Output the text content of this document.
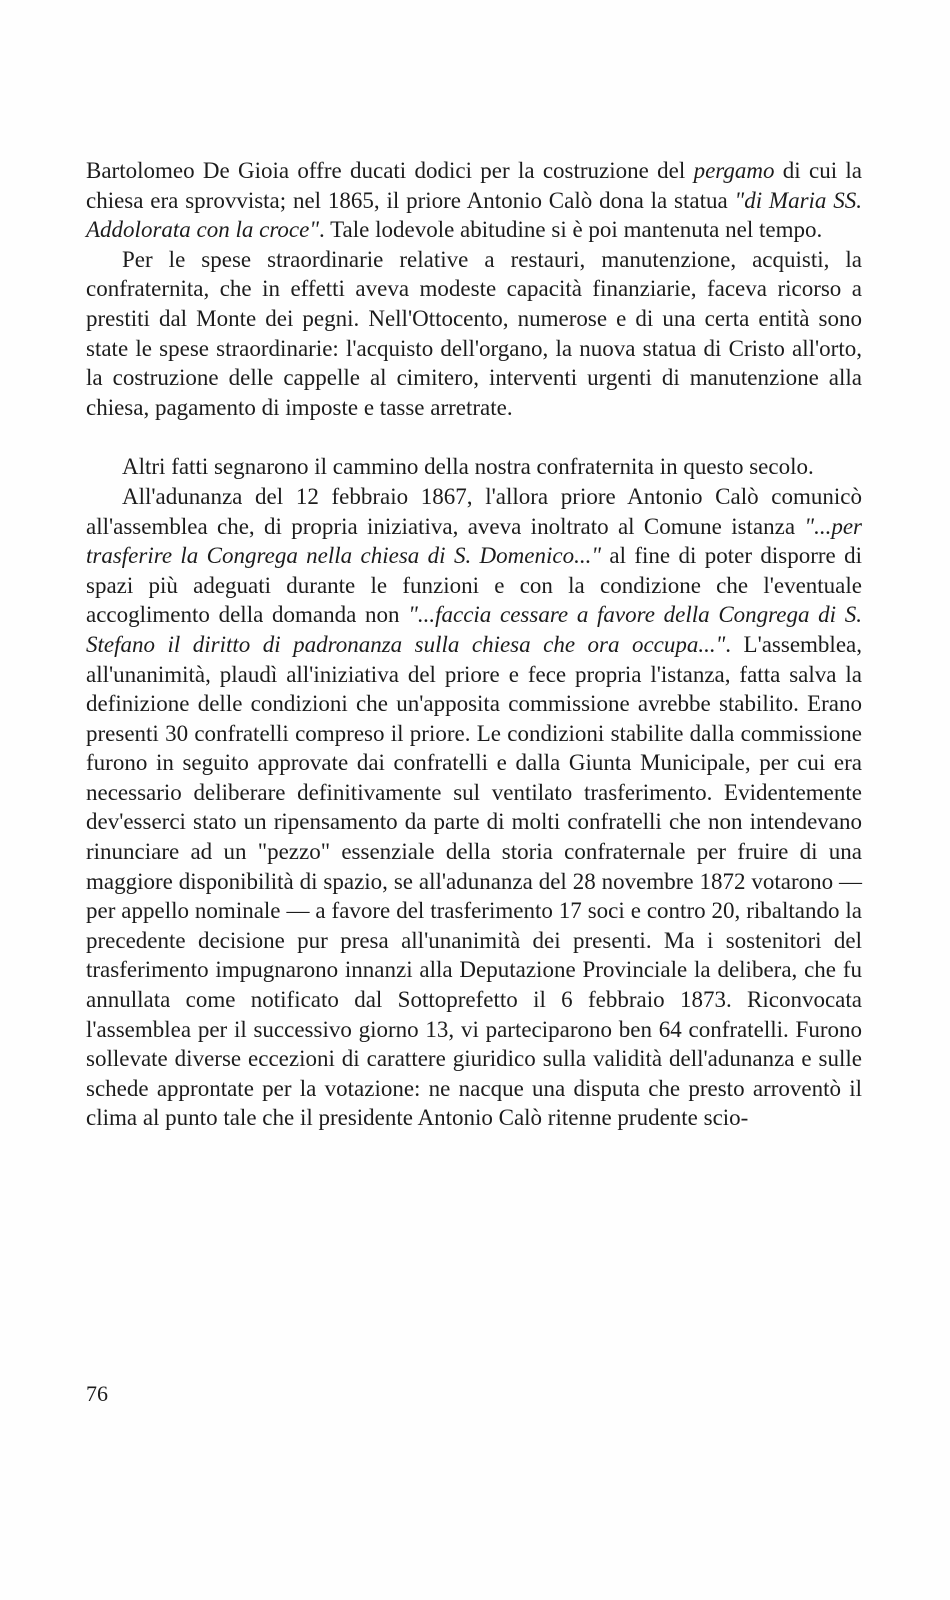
Bartolomeo De Gioia offre ducati dodici per la costruzione del pergamo di cui la chiesa era sprovvista; nel 1865, il priore Antonio Calò dona la statua "di Maria SS. Addolorata con la croce". Tale lodevole abitudine si è poi mantenuta nel tempo.

Per le spese straordinarie relative a restauri, manutenzione, acquisti, la confraternita, che in effetti aveva modeste capacità finanziarie, faceva ricorso a prestiti dal Monte dei pegni. Nell'Ottocento, numerose e di una certa entità sono state le spese straordinarie: l'acquisto dell'organo, la nuova statua di Cristo all'orto, la costruzione delle cappelle al cimitero, interventi urgenti di manutenzione alla chiesa, pagamento di imposte e tasse arretrate.

Altri fatti segnarono il cammino della nostra confraternita in questo secolo.

All'adunanza del 12 febbraio 1867, l'allora priore Antonio Calò comunicò all'assemblea che, di propria iniziativa, aveva inoltrato al Comune istanza "...per trasferire la Congrega nella chiesa di S. Domenico..." al fine di poter disporre di spazi più adeguati durante le funzioni e con la condizione che l'eventuale accoglimento della domanda non "...faccia cessare a favore della Congrega di S. Stefano il diritto di padronanza sulla chiesa che ora occupa...". L'assemblea, all'unanimità, plaudì all'iniziativa del priore e fece propria l'istanza, fatta salva la definizione delle condizioni che un'apposita commissione avrebbe stabilito. Erano presenti 30 confratelli compreso il priore. Le condizioni stabilite dalla commissione furono in seguito approvate dai confratelli e dalla Giunta Municipale, per cui era necessario deliberare definitivamente sul ventilato trasferimento. Evidentemente dev'esserci stato un ripensamento da parte di molti confratelli che non intendevano rinunciare ad un "pezzo" essenziale della storia confraternale per fruire di una maggiore disponibilità di spazio, se all'adunanza del 28 novembre 1872 votarono — per appello nominale — a favore del trasferimento 17 soci e contro 20, ribaltando la precedente decisione pur presa all'unanimità dei presenti. Ma i sostenitori del trasferimento impugnarono innanzi alla Deputazione Provinciale la delibera, che fu annullata come notificato dal Sottoprefetto il 6 febbraio 1873. Riconvocata l'assemblea per il successivo giorno 13, vi parteciparono ben 64 confratelli. Furono sollevate diverse eccezioni di carattere giuridico sulla validità dell'adunanza e sulle schede approntate per la votazione: ne nacque una disputa che presto arroventò il clima al punto tale che il presidente Antonio Calò ritenne prudente scio-

76
